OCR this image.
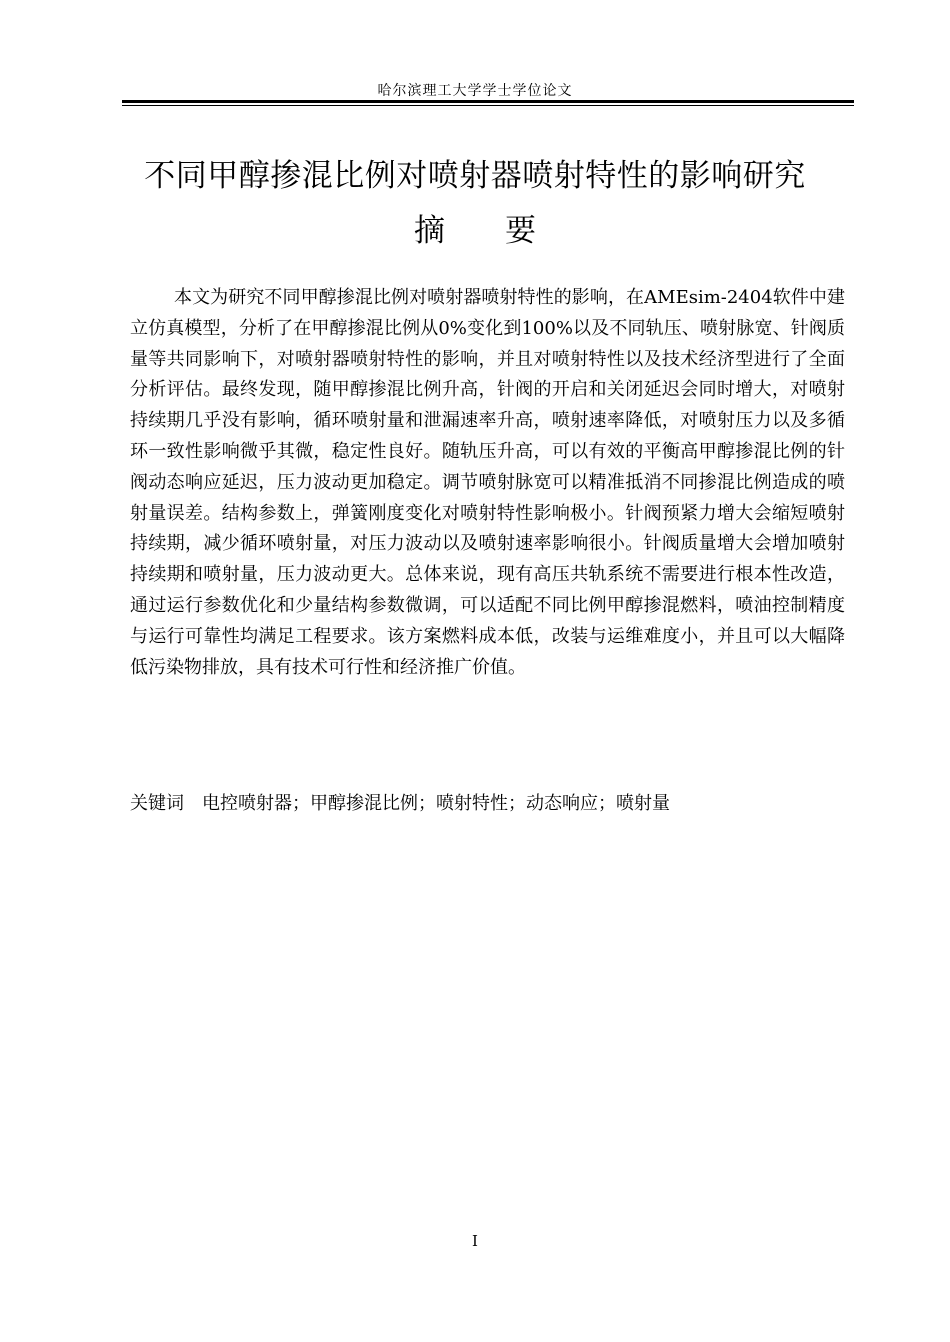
哈尔滨理工大学学士学位论文
不同甲醇掺混比例对喷射器喷射特性的影响研究
摘要

本文为研究不同甲醇掺混比例对喷射器喷射特性的影响，在AMEsim-2404软件中建立仿真模型，分析了在甲醇掺混比例从0%变化到100%以及不同轨压、喷射脉宽、针阀质量等共同影响下，对喷射器喷射特性的影响，并且对喷射特性以及技术经济型进行了全面分析评估。最终发现，随甲醇掺混比例升高，针阀的开启和关闭延迟会同时增大，对喷射持续期几乎没有影响，循环喷射量和泄漏速率升高，喷射速率降低，对喷射压力以及多循环一致性影响微乎其微，稳定性良好。随轨压升高，可以有效的平衡高甲醇掺混比例的针阀动态响应延迟，压力波动更加稳定。调节喷射脉宽可以精准抵消不同掺混比例造成的喷射量误差。结构参数上，弹簧刚度变化对喷射特性影响极小。针阀预紧力增大会缩短喷射持续期，减少循环喷射量，对压力波动以及喷射速率影响很小。针阀质量增大会增加喷射持续期和喷射量，压力波动更大。总体来说，现有高压共轨系统不需要进行根本性改造，通过运行参数优化和少量结构参数微调，可以适配不同比例甲醇掺混燃料，喷油控制精度与运行可靠性均满足工程要求。该方案燃料成本低，改装与运维难度小，并且可以大幅降低污染物排放，具有技术可行性和经济推广价值。

关键词 电控喷射器；甲醇掺混比例；喷射特性；动态响应；喷射量
I
